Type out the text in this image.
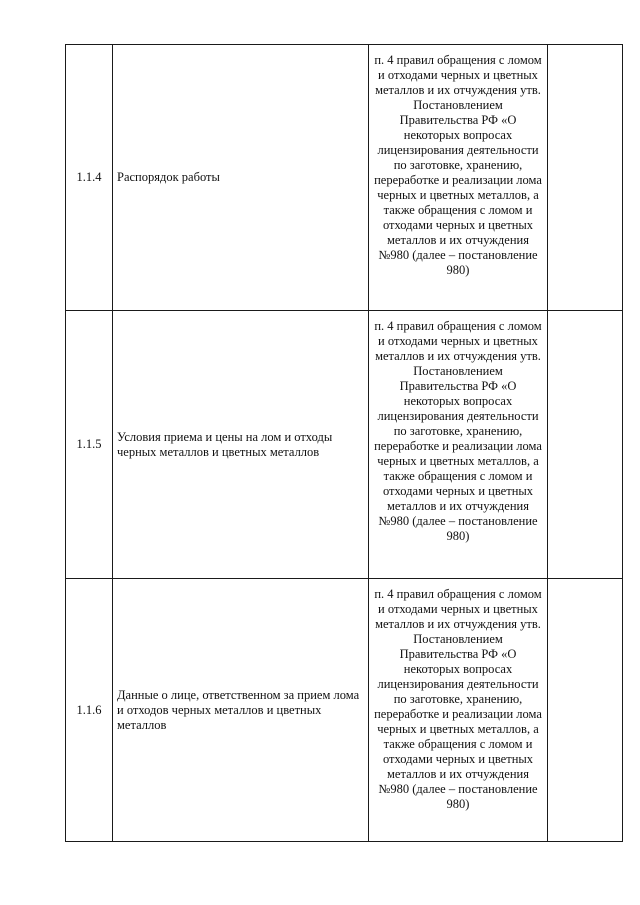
1.1.4	Распорядок работы	п. 4 правил обращения с ломом и отходами черных и цветных металлов и их отчуждения утв. Постановлением Правительства РФ «О некоторых вопросах лицензирования деятельности по заготовке, хранению, переработке и реализации лома черных и цветных металлов, а также обращения с ломом и отходами черных и цветных металлов и их отчуждения №980 (далее – постановление 980)	
1.1.5	Условия приема и цены на лом и отходы черных металлов и цветных металлов	п. 4 правил обращения с ломом и отходами черных и цветных металлов и их отчуждения утв. Постановлением Правительства РФ «О некоторых вопросах лицензирования деятельности по заготовке, хранению, переработке и реализации лома черных и цветных металлов, а также обращения с ломом и отходами черных и цветных металлов и их отчуждения №980 (далее – постановление 980)	
1.1.6	Данные о лице, ответственном за прием лома и отходов черных металлов и цветных металлов	п. 4 правил обращения с ломом и отходами черных и цветных металлов и их отчуждения утв. Постановлением Правительства РФ «О некоторых вопросах лицензирования деятельности по заготовке, хранению, переработке и реализации лома черных и цветных металлов, а также обращения с ломом и отходами черных и цветных металлов и их отчуждения №980 (далее – постановление 980)	
